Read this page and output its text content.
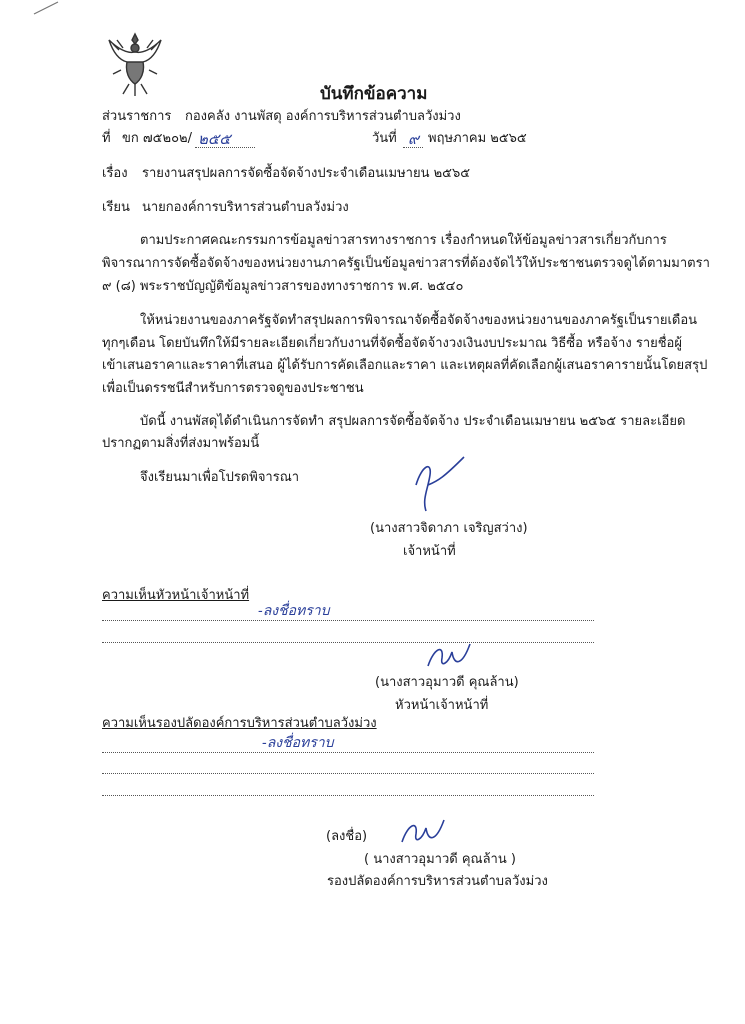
บันทึกข้อความ
ส่วนราชการ กองคลัง งานพัสดุ องค์การบริหารส่วนตำบลวังม่วง
ที่ ขก ๗๕๒๐๒/ ๒๕๕	วันที่ ๙ พฤษภาคม ๒๕๖๕
เรื่อง รายงานสรุปผลการจัดซื้อจัดจ้างประจำเดือนเมษายน ๒๕๖๕
เรียน นายกองค์การบริหารส่วนตำบลวังม่วง
ตามประกาศคณะกรรมการข้อมูลข่าวสารทางราชการ เรื่องกำหนดให้ข้อมูลข่าวสารเกี่ยวกับการ
พิจารณาการจัดซื้อจัดจ้างของหน่วยงานภาครัฐเป็นข้อมูลข่าวสารที่ต้องจัดไว้ให้ประชาชนตรวจดูได้ตามมาตรา
๙ (๘) พระราชบัญญัติข้อมูลข่าวสารของทางราชการ พ.ศ. ๒๕๔๐
ให้หน่วยงานของภาครัฐจัดทำสรุปผลการพิจารณาจัดซื้อจัดจ้างของหน่วยงานของภาครัฐเป็นรายเดือน
ทุกๆเดือน โดยบันทึกให้มีรายละเอียดเกี่ยวกับงานที่จัดซื้อจัดจ้างวงเงินงบประมาณ วิธีซื้อ หรือจ้าง รายชื่อผู้
เข้าเสนอราคาและราคาที่เสนอ ผู้ได้รับการคัดเลือกและราคา และเหตุผลที่คัดเลือกผู้เสนอราคารายนั้นโดยสรุป
เพื่อเป็นดรรชนีสำหรับการตรวจดูของประชาชน
บัดนี้ งานพัสดุได้ดำเนินการจัดทำ สรุปผลการจัดซื้อจัดจ้าง ประจำเดือนเมษายน ๒๕๖๕ รายละเอียด
ปรากฏตามสิ่งที่ส่งมาพร้อมนี้
จึงเรียนมาเพื่อโปรดพิจารณา
(นางสาวจิดาภา เจริญสว่าง)
เจ้าหน้าที่
ความเห็นหัวหน้าเจ้าหน้าที่
-ลงชื่อทราบ
(นางสาวอุมาวดี คุณล้าน)
หัวหน้าเจ้าหน้าที่
ความเห็นรองปลัดองค์การบริหารส่วนตำบลวังม่วง
-ลงชื่อทราบ
(ลงชื่อ)
( นางสาวอุมาวดี คุณล้าน )
รองปลัดองค์การบริหารส่วนตำบลวังม่วง
